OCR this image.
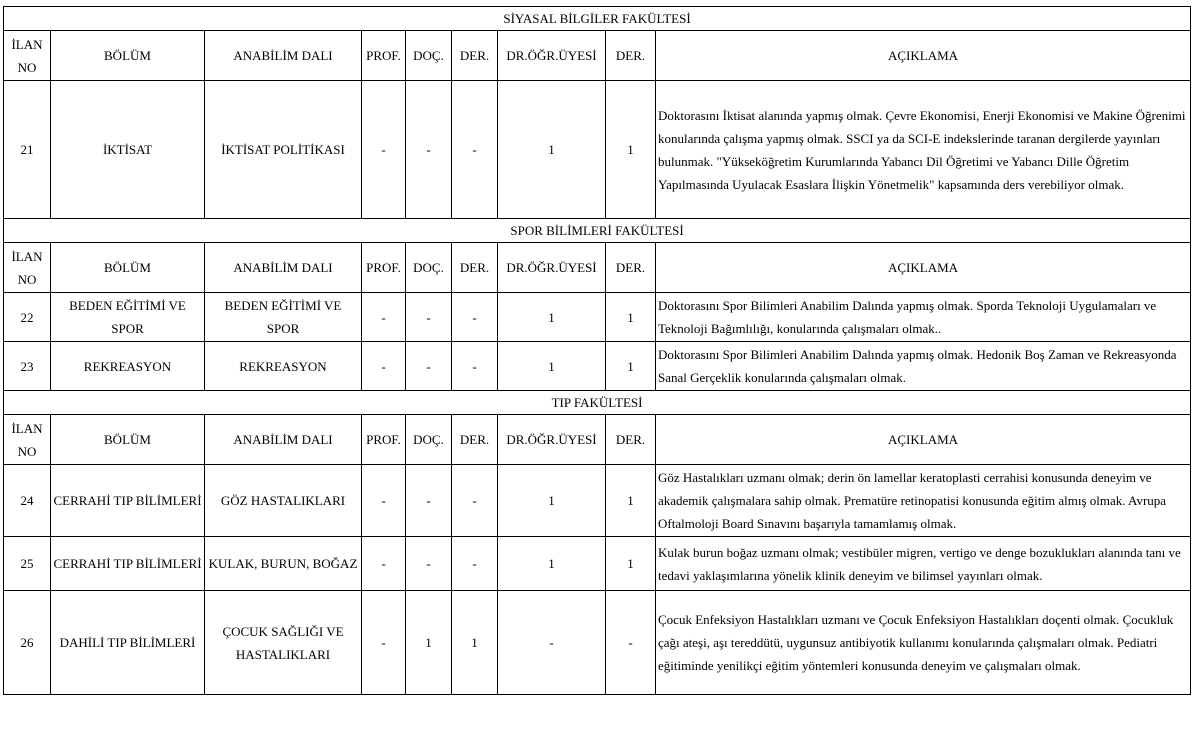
SİYASAL BİLGİLER FAKÜLTESİ								
İLAN NO	BÖLÜM	ANABİLİM DALI	PROF.	DOÇ.	DER.	DR.ÖĞR.ÜYESİ	DER.	AÇIKLAMA
21	İKTİSAT	İKTİSAT POLİTİKASI	-	-	-	1	1	Doktorasını İktisat alanında yapmış olmak. Çevre Ekonomisi, Enerji Ekonomisi ve Makine Öğrenimi konularında çalışma yapmış olmak. SSCI ya da SCI-E indekslerinde taranan dergilerde yayınları bulunmak. "Yükseköğretim Kurumlarında Yabancı Dil Öğretimi ve Yabancı Dille Öğretim Yapılmasında Uyulacak Esaslara İlişkin Yönetmelik" kapsamında ders verebiliyor olmak.
SPOR BİLİMLERİ FAKÜLTESİ								
İLAN NO	BÖLÜM	ANABİLİM DALI	PROF.	DOÇ.	DER.	DR.ÖĞR.ÜYESİ	DER.	AÇIKLAMA
22	BEDEN EĞİTİMİ VE SPOR	BEDEN EĞİTİMİ VE SPOR	-	-	-	1	1	Doktorasını Spor Bilimleri Anabilim Dalında yapmış olmak. Sporda Teknoloji Uygulamaları ve Teknoloji Bağımlılığı, konularında çalışmaları olmak..
23	REKREASYON	REKREASYON	-	-	-	1	1	Doktorasını Spor Bilimleri Anabilim Dalında yapmış olmak. Hedonik Boş Zaman ve Rekreasyonda Sanal Gerçeklik konularında çalışmaları olmak.
TIP FAKÜLTESİ								
İLAN NO	BÖLÜM	ANABİLİM DALI	PROF.	DOÇ.	DER.	DR.ÖĞR.ÜYESİ	DER.	AÇIKLAMA
24	CERRAHİ TIP BİLİMLERİ	GÖZ HASTALIKLARI	-	-	-	1	1	Göz Hastalıkları uzmanı olmak; derin ön lamellar keratoplasti cerrahisi konusunda deneyim ve akademik çalışmalara sahip olmak. Prematüre retinopatisi konusunda eğitim almış olmak. Avrupa Oftalmoloji Board Sınavını başarıyla tamamlamış olmak.
25	CERRAHİ TIP BİLİMLERİ	KULAK, BURUN, BOĞAZ	-	-	-	1	1	Kulak burun boğaz uzmanı olmak; vestibüler migren, vertigo ve denge bozuklukları alanında tanı ve tedavi yaklaşımlarına yönelik klinik deneyim ve bilimsel yayınları olmak.
26	DAHİLİ TIP BİLİMLERİ	ÇOCUK SAĞLIĞI VE HASTALIKLARI	-	1	1	-	-	Çocuk Enfeksiyon Hastalıkları uzmanı ve Çocuk Enfeksiyon Hastalıkları doçenti olmak. Çocukluk çağı ateşi, aşı tereddütü, uygunsuz antibiyotik kullanımı konularında çalışmaları olmak. Pediatri eğitiminde yenilikçi eğitim yöntemleri konusunda deneyim ve çalışmaları olmak.
